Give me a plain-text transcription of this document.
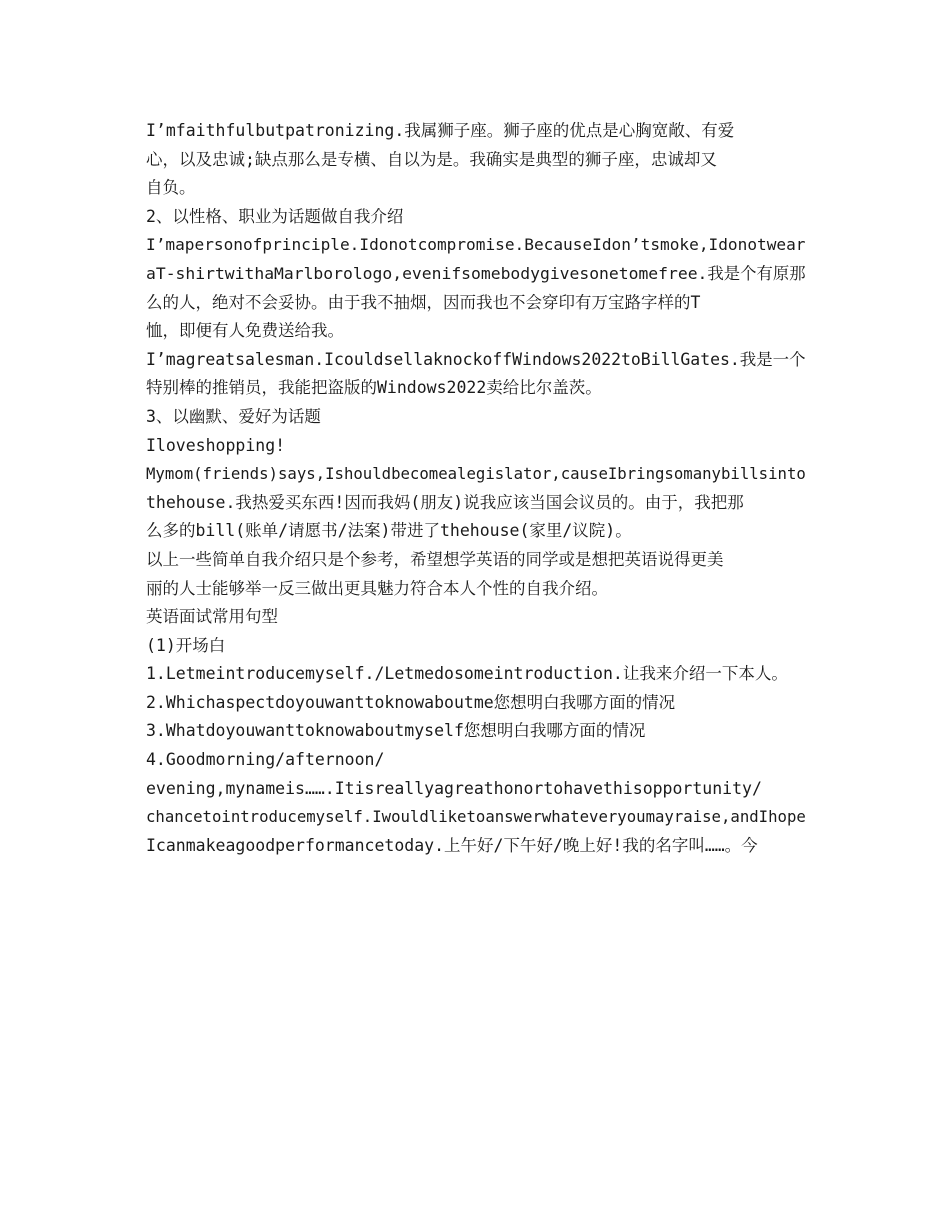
I’mfaithfulbutpatronizing.我属狮子座。狮子座的优点是心胸宽敞、有爱
心，以及忠诚;缺点那么是专横、自以为是。我确实是典型的狮子座，忠诚却又
自负。
2、以性格、职业为话题做自我介绍
I’mapersonofprinciple.Idonotcompromise.BecauseIdon’tsmoke,Idonotwear
aT-shirtwithaMarlborologo,evenifsomebodygivesonetomefree.我是个有原那
么的人，绝对不会妥协。由于我不抽烟，因而我也不会穿印有万宝路字样的T
恤，即便有人免费送给我。
I’magreatsalesman.IcouldsellaknockoffWindows2022toBillGates.我是一个
特别棒的推销员，我能把盗版的Windows2022卖给比尔盖茨。
3、以幽默、爱好为话题
Iloveshopping!
Mymom(friends)says,Ishouldbecomealegislator,causeIbringsomanybillsinto
thehouse.我热爱买东西!因而我妈(朋友)说我应该当国会议员的。由于，我把那
么多的bill(账单/请愿书/法案)带进了thehouse(家里/议院)。
以上一些简单自我介绍只是个参考，希望想学英语的同学或是想把英语说得更美
丽的人士能够举一反三做出更具魅力符合本人个性的自我介绍。
英语面试常用句型
(1)开场白
1.Letmeintroducemyself./Letmedosomeintroduction.让我来介绍一下本人。
2.Whichaspectdoyouwanttoknowaboutme您想明白我哪方面的情况
3.Whatdoyouwanttoknowaboutmyself您想明白我哪方面的情况
4.Goodmorning/afternoon/
evening,mynameis…….Itisreallyagreathonortohavethisopportunity/
chancetointroducemyself.Iwouldliketoanswerwhateveryoumayraise,andIhope
Icanmakeagoodperformancetoday.上午好/下午好/晚上好!我的名字叫……。今
